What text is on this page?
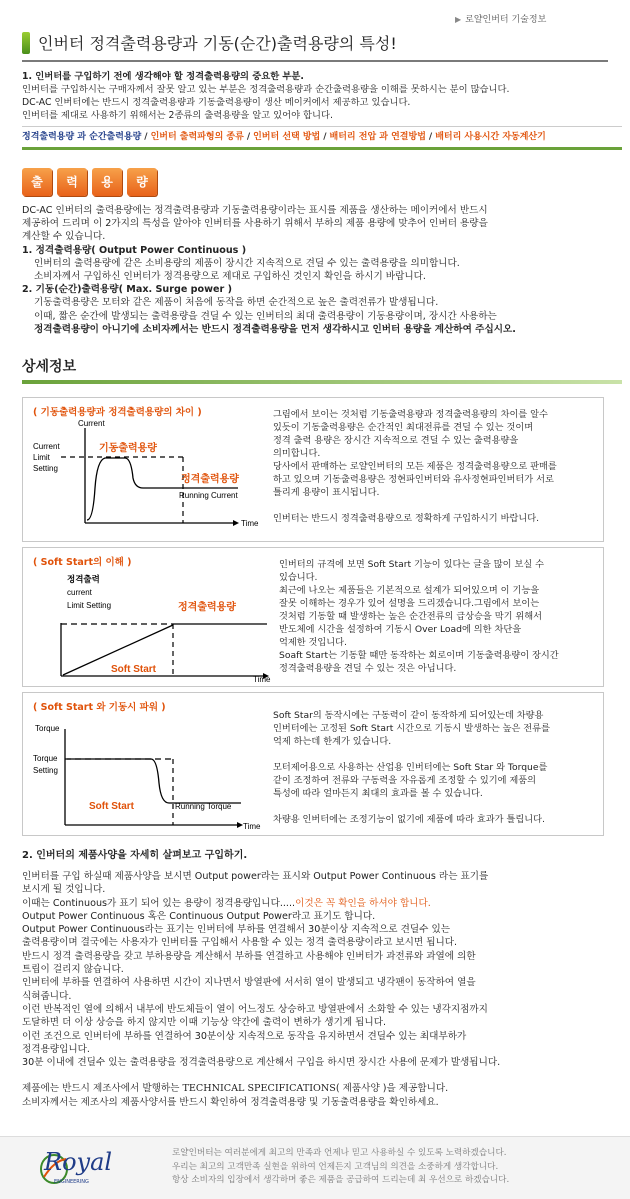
▶ 로얄인버터 기술정보
인버터 정격출력용량과 기동(순간)출력용량의 특성!
1. 인버터를 구입하기 전에 생각해야 할 정격출력용량의 중요한 부분.
인버터를 구입하시는 구매자께서 잘못 알고 있는 부분은 정격출력용량과 순간출력용량을 이해를 못하시는 분이 많습니다.
DC-AC 인버터에는 반드시 정격출력용량과 기동출력용량이 생산 메이커에서 제공하고 있습니다.
인버터를 제대로 사용하기 위해서는 2종류의 출력용량을 알고 있어야 합니다.
정격출력용량 과 순간출력용량 / 인버터 출력파형의 종류 / 인버터 선택 방법 / 배터리 전압 과 연결방법 / 배터리 사용시간 자동계산기
출	력	용	량
DC-AC 인버터의 출력용량에는 정격출력용량과 기동출력용량이라는 표시를 제품을 생산하는 메이커에서 반드시
제공하여 드리며 이 2가지의 특성을 알아야 인버터를 사용하기 위해서 부하의 제품 용량에 맞추어 인버터 용량을
계산할 수 있습니다.
1. 정격출력용량( Output Power Continuous )
인버터의 출력용량에 같은 소비용량의 제품이 장시간 지속적으로 견딜 수 있는 출력용량을 의미합니다.
소비자께서 구입하신 인버터가 정격용량으로 제대로 구입하신 것인지 확인을 하시기 바랍니다.
2. 기동(순간)출력용량( Max. Surge power )
기동출력용량은 모터와 같은 제품이 처음에 동작을 하면 순간적으로 높은 출력전류가 발생됩니다.
이때, 짧은 순간에 발생되는 출력용량을 견딜 수 있는 인버터의 최대 출력용량이 기동용량이며, 장시간 사용하는
정격출력용량이 아니기에 소비자께서는 반드시 정격출력용량을 먼저 생각하시고 인버터 용량을 계산하여 주십시오.
상세정보
Current
Current
Limit
Setting
기동출력용량
정격출력용량
Running Current
Time
( 기동출력용량과 정격출력용량의 차이 )	그림에서 보이는 것처럼 기동출력용량과 정격출력용량의 차이를 알수
있듯이 기동출력용량은 순간적인 최대전류를 견딜 수 있는 것이며
정격 출력 용량은 장시간 지속적으로 견딜 수 있는 출력용량을
의미합니다.
당사에서 판매하는 로얄인버터의 모든 제품은 정격출력용량으로 판매를
하고 있으며 기동출력용량은 정현파인버터와 유사정현파인버터가 서로
틀리게 용량이 표시됩니다.
인버터는 반드시 정격출력용량으로 정확하게 구입하시기 바랍니다.
정격출력
current
Limit Setting	정격출력용량
Soft Start
Time
( Soft Start의 이해 )	인버터의 규격에 보면 Soft Start 기능이 있다는 글을 많이 보실 수
있습니다.
최근에 나오는 제품들은 기본적으로 설계가 되어있으며 이 기능을
잘못 이해하는 경우가 있어 설명을 드리겠습니다.그림에서 보이는
것처럼 기동할 때 발생하는 높은 순간전류의 급상승을 막기 위해서
반도체에 시간을 설정하여 기동시 Over Load에 의한 차단을
억제한 것입니다.
Soaft Start는 기동할 때만 동작하는 회로이며 기동출력용량이 장시간
정격출력용량을 견딜 수 있는 것은 아닙니다.
Torque
Torque
Setting
Soft Start	Running Torque
Time
( Soft Start 와 기동시 파워 )
Soft Star의 동작시에는 구동력이 같이 동작하게 되어있는데 차량용
인버터에는 고정된 Soft Start 시간으로 기동시 발생하는 높은 전류를
억제 하는데 한계가 있습니다.
모터제어용으로 사용하는 산업용 인버터에는 Soft Star 와 Torque를
같이 조정하여 전류와 구동력을 자유롭게 조정할 수 있기에 제품의
특성에 따라 얼마든지 최대의 효과를 볼 수 있습니다.
차량용 인버터에는 조정기능이 없기에 제품에 따라 효과가 틀립니다.
2. 인버터의 제품사양을 자세히 살펴보고 구입하기.
인버터를 구입 하실때 제품사양을 보시면 Output power라는 표시와 Output Power Continuous 라는 표기를
보시게 될 것입니다.
이때는 Continuous가 표기 되어 있는 용량이 정격용량입니다.....이것은 꼭 확인을 하셔야 합니다.
Output Power Continuous 혹은 Continuous Output Power라고 표기도 합니다.
Output Power Continuous라는 표기는 인버터에 부하를 연결해서 30분이상 지속적으로 견딜수 있는
출력용량이며 결국에는 사용자가 인버터를 구입해서 사용할 수 있는 정격 출력용량이라고 보시면 됩니다.
반드시 정격 출력용량을 갖고 부하용량을 계산해서 부하를 연결하고 사용해야 인버터가 과전류와 과열에 의한
트립이 걸리지 않습니다.
인버터에 부하를 연결하여 사용하면 시간이 지나면서 방열판에 서서히 열이 발생되고 냉각팬이 동작하여 열을
식혀줍니다.
이런 반복적인 열에 의해서 내부에 반도체들이 열이 어느정도 상승하고 방열판에서 소화할 수 있는 냉각지점까지
도달하면 더 이상 상승을 하지 않지만 이때 기능상 약간에 출력이 변하가 생기게 됩니다.
이런 조건으로 인버터에 부하를 연결하여 30분이상 지속적으로 동작을 유지하면서 견딜수 있는 최대부하가
정격용량입니다.
30분 이내에 견딜수 있는 출력용량을 정격출력용량으로 계산해서 구입을 하시면 장시간 사용에 문제가 발생됩니다.
제품에는 반드시 제조사에서 발행하는 TECHNICAL SPECIFICATIONS( 제품사양 )을 제공합니다.
소비자께서는 제조사의 제품사양서를 반드시 확인하여 정격출력용량 및 기동출력용량을 확인하세요.
Royal
ENGINEERING
로얄인버터는 여러분에게 최고의 만족과 언제나 믿고 사용하실 수 있도록 노력하겠습니다.
우리는 최고의 고객만족 실현을 위하여 언제든지 고객님의 의견을 소중하게 생각합니다.
항상 소비자의 입장에서 생각하며 좋은 제품을 공급하여 드리는데 최 우선으로 하겠습니다.
